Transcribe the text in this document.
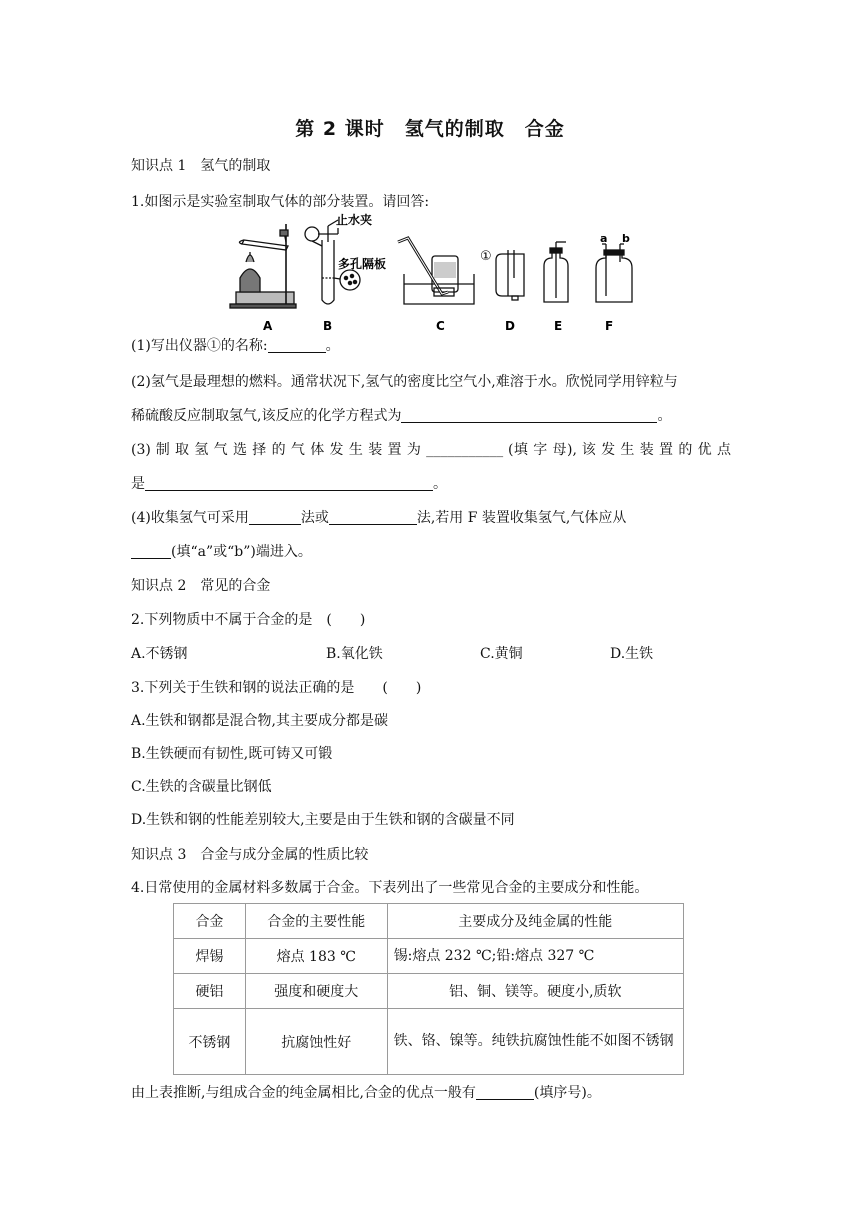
第 2 课时　氢气的制取　合金
知识点 1　氢气的制取
1.如图示是实验室制取气体的部分装置。请回答:
止水夹
多孔隔板	①
a b
A	B	C	D	E	F
(1)写出仪器①的名称:	。
(2)氢气是最理想的燃料。通常状况下,氢气的密度比空气小,难溶于水。欣悦同学用锌粒与
稀硫酸反应制取氢气,该反应的化学方程式为	。
(3) 制 取 氢 气 选 择 的 气 体 发 生 装 置 为 ___________ (填 字 母), 该 发 生 装 置 的 优 点
是	。
(4)收集氢气可采用	法或	法,若用 F 装置收集氢气,气体应从
(填“a”或“b”)端进入。
知识点 2　常见的合金
2.下列物质中不属于合金的是　(　　)
A.不锈钢	B.氧化铁	C.黄铜	D.生铁
3.下列关于生铁和钢的说法正确的是　　(　　)
A.生铁和钢都是混合物,其主要成分都是碳
B.生铁硬而有韧性,既可铸又可锻
C.生铁的含碳量比钢低
D.生铁和钢的性能差别较大,主要是由于生铁和钢的含碳量不同
知识点 3　合金与成分金属的性质比较
4.日常使用的金属材料多数属于合金。下表列出了一些常见合金的主要成分和性能。
合金	合金的主要性能	主要成分及纯金属的性能
焊锡	熔点 183 ℃	锡:熔点 232 ℃;铅:熔点 327 ℃
硬铝	强度和硬度大	铝、铜、镁等。硬度小,质软
不锈钢	抗腐蚀性好	铁、铬、镍等。纯铁抗腐蚀性能不如图不锈钢
由上表推断,与组成合金的纯金属相比,合金的优点一般有	(填序号)。
